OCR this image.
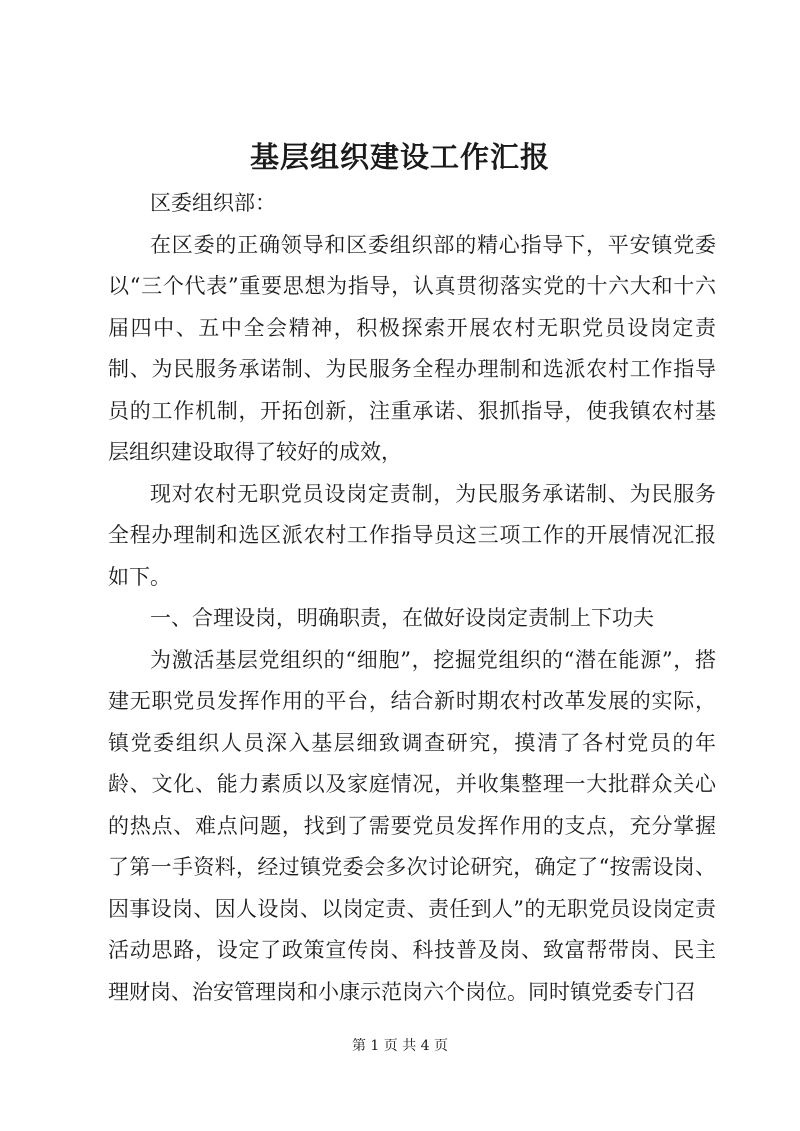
基层组织建设工作汇报

区委组织部：

在区委的正确领导和区委组织部的精心指导下，平安镇党委以“三个代表”重要思想为指导，认真贯彻落实党的十六大和十六届四中、五中全会精神，积极探索开展农村无职党员设岗定责制、为民服务承诺制、为民服务全程办理制和选派农村工作指导员的工作机制，开拓创新，注重承诺、狠抓指导，使我镇农村基层组织建设取得了较好的成效，

现对农村无职党员设岗定责制，为民服务承诺制、为民服务全程办理制和选区派农村工作指导员这三项工作的开展情况汇报如下。

一、合理设岗，明确职责，在做好设岗定责制上下功夫

为激活基层党组织的“细胞”，挖掘党组织的“潜在能源”，搭建无职党员发挥作用的平台，结合新时期农村改革发展的实际，镇党委组织人员深入基层细致调查研究，摸清了各村党员的年龄、文化、能力素质以及家庭情况，并收集整理一大批群众关心的热点、难点问题，找到了需要党员发挥作用的支点，充分掌握了第一手资料，经过镇党委会多次讨论研究，确定了“按需设岗、因事设岗、因人设岗、以岗定责、责任到人”的无职党员设岗定责活动思路，设定了政策宣传岗、科技普及岗、致富帮带岗、民主理财岗、治安管理岗和小康示范岗六个岗位。同时镇党委专门召

第 1 页 共 4 页
